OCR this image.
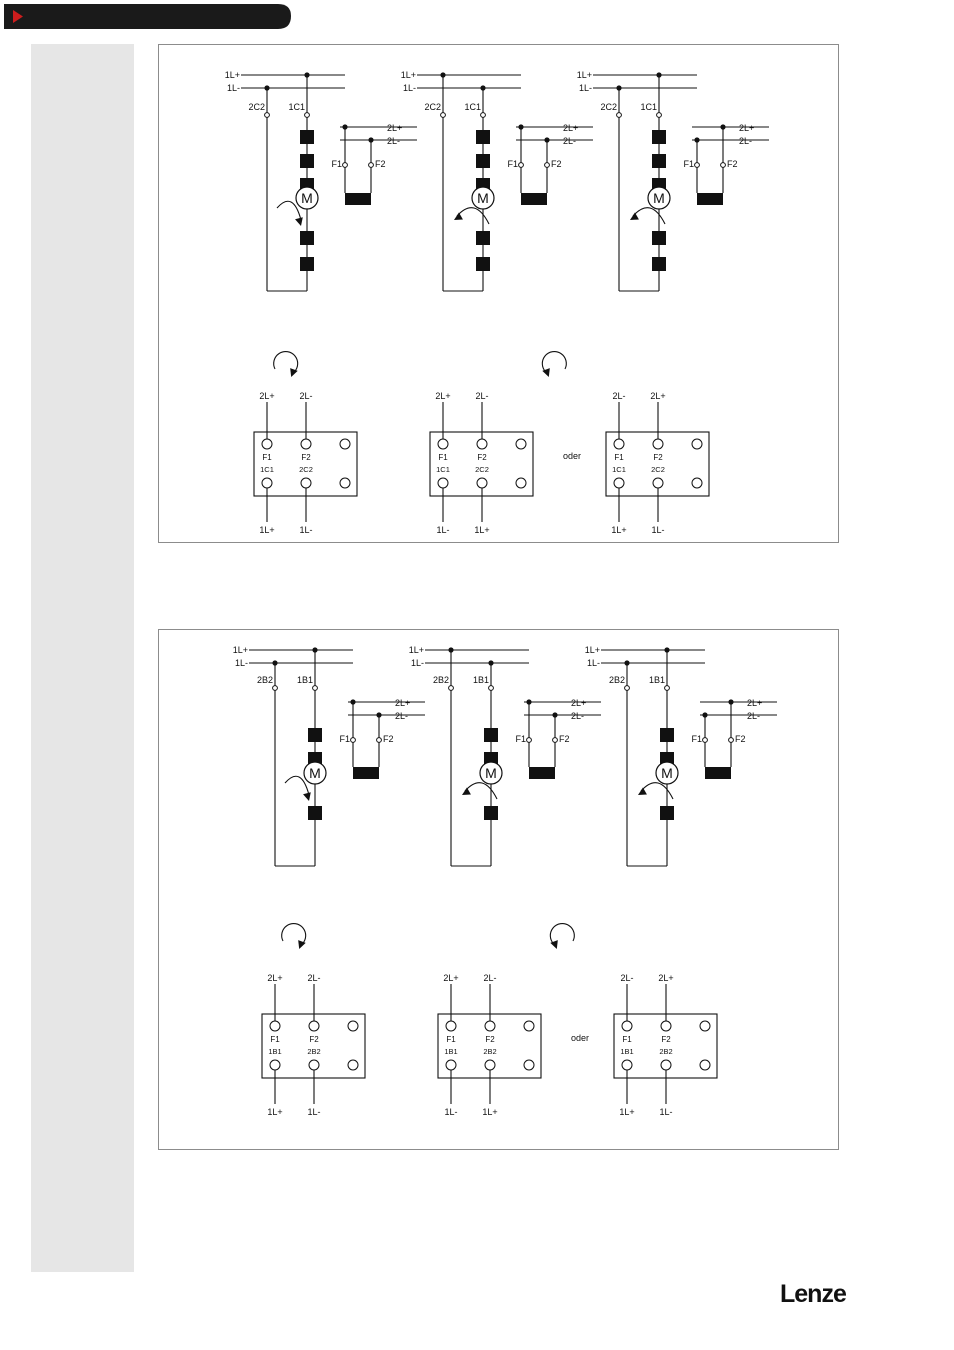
1L+
1L-
2C2	1C1
M
2L+
2L-
F1	F2
1L+
1L-
2C2	1C1
M
2L+
2L-
F1	F2
1L+
1L-
2C2	1C1
M
2L+
2L-
F1	F2
2L+	2L-
F1	F2
1C1	2C2
1L+	1L-
2L+	2L-
F1	F2
1C1	2C2
1L-	1L+
2L-	2L+
F1	F2
1C1	2C2
1L+	1L-
oder
1L+
1L-
2B2	1B1
M
2L+
2L-
F1	F2
1L+
1L-
2B2	1B1
M
2L+
2L-
F1	F2
1L+
1L-
2B2	1B1
M
2L+
2L-
F1	F2
2L+	2L-
F1	F2
1B1	2B2
1L+	1L-
2L+	2L-
F1	F2
1B1	2B2
1L-	1L+
2L-	2L+
F1	F2
1B1	2B2
1L+	1L-
oder
Lenze
